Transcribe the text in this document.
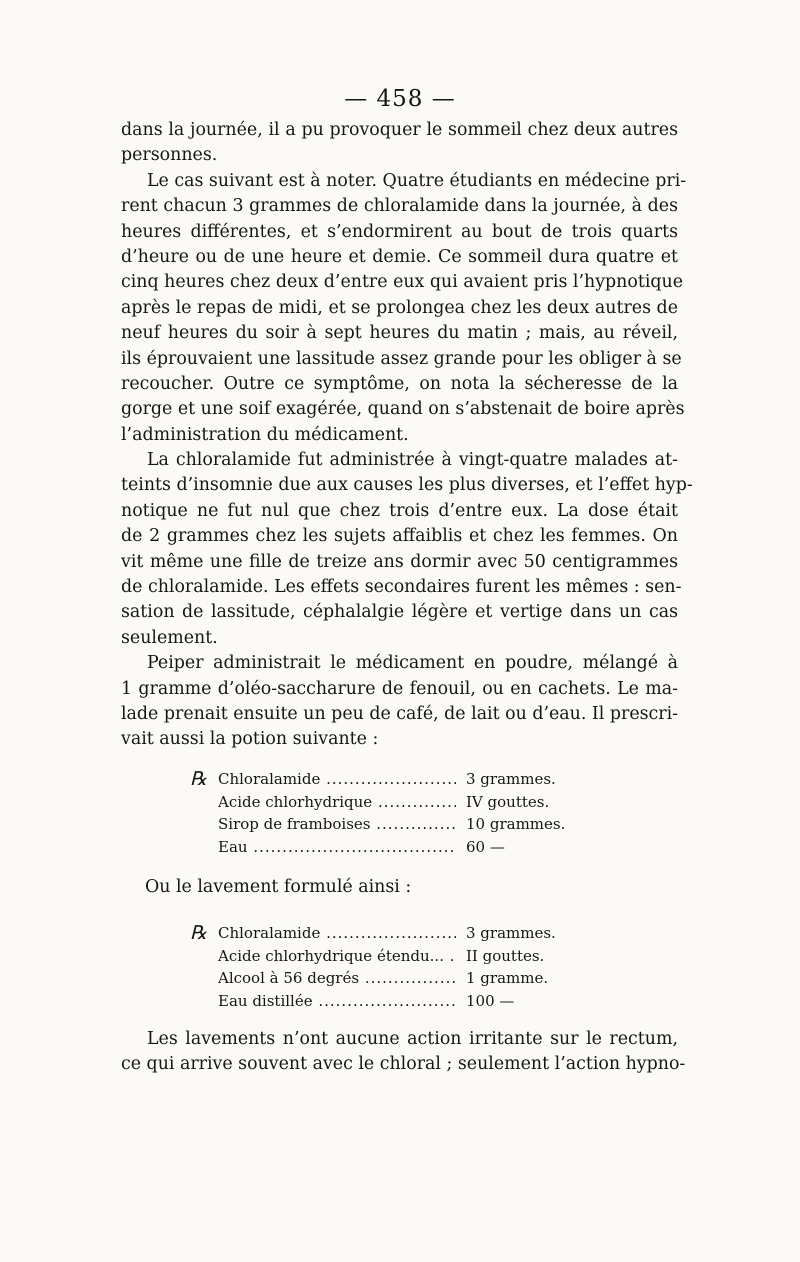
— 458 —
dans la journée, il a pu provoquer le sommeil chez deux autres
personnes.
Le cas suivant est à noter. Quatre étudiants en médecine pri-
rent chacun 3 grammes de chloralamide dans la journée, à des
heures différentes, et s’endormirent au bout de trois quarts
d’heure ou de une heure et demie. Ce sommeil dura quatre et
cinq heures chez deux d’entre eux qui avaient pris l’hypnotique
après le repas de midi, et se prolongea chez les deux autres de
neuf heures du soir à sept heures du matin ; mais, au réveil,
ils éprouvaient une lassitude assez grande pour les obliger à se
recoucher. Outre ce symptôme, on nota la sécheresse de la
gorge et une soif exagérée, quand on s’abstenait de boire après
l’administration du médicament.
La chloralamide fut administrée à vingt-quatre malades at-
teints d’insomnie due aux causes les plus diverses, et l’effet hyp-
notique ne fut nul que chez trois d’entre eux. La dose était
de 2 grammes chez les sujets affaiblis et chez les femmes. On
vit même une fille de treize ans dormir avec 50 centigrammes
de chloralamide. Les effets secondaires furent les mêmes : sen-
sation de lassitude, céphalalgie légère et vertige dans un cas
seulement.
Peiper administrait le médicament en poudre, mélangé à
1 gramme d’oléo-saccharure de fenouil, ou en cachets. Le ma-
lade prenait ensuite un peu de café, de lait ou d’eau. Il prescri-
vait aussi la potion suivante :
℞ Chloralamide .....	3 grammes.
Acide chlorhydrique .....	IV gouttes.
Sirop de framboises .....	10 grammes.
Eau .....	60 —
Ou le lavement formulé ainsi :
℞ Chloralamide .....	3 grammes.
Acide chlorhydrique étendu... .....	II gouttes.
Alcool à 56 degrés .....	1 gramme.
Eau distillée .....	100 —
Les lavements n’ont aucune action irritante sur le rectum,
ce qui arrive souvent avec le chloral ; seulement l’action hypno-
